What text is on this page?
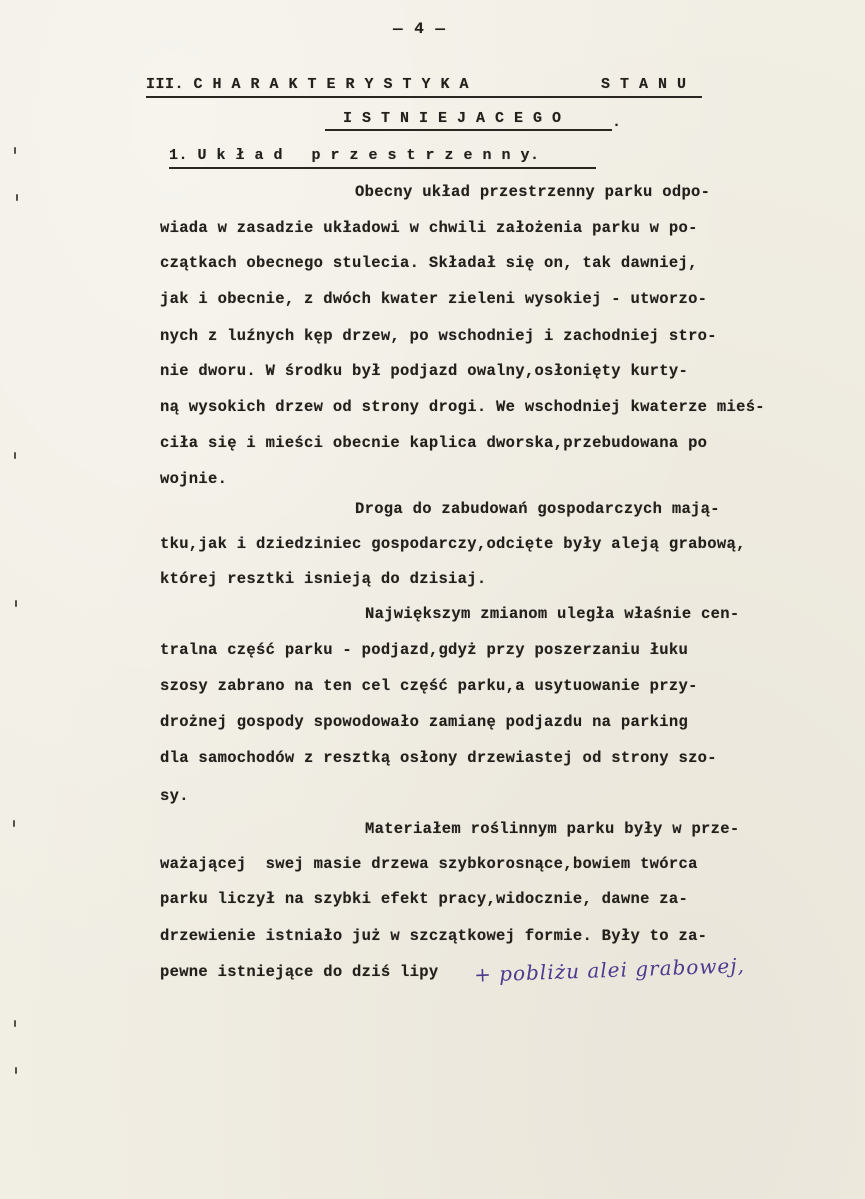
— 4 —
III. C H A R A K T E R Y S T Y K A	S T A N U
I S T N I E J A C E G O	.
1. U k ł a d   p r z e s t r z e n n y.
Obecny układ przestrzenny parku odpo-
wiada w zasadzie układowi w chwili założenia parku w po-
czątkach obecnego stulecia. Składał się on, tak dawniej,
jak i obecnie, z dwóch kwater zieleni wysokiej - utworzo-
nych z luźnych kęp drzew, po wschodniej i zachodniej stro-
nie dworu. W środku był podjazd owalny,osłonięty kurty-
ną wysokich drzew od strony drogi. We wschodniej kwaterze mieś-
ciła się i mieści obecnie kaplica dworska,przebudowana po
wojnie.
Droga do zabudowań gospodarczych mają-
tku,jak i dziedziniec gospodarczy,odcięte były aleją grabową,
której resztki isnieją do dzisiaj.
Największym zmianom uległa właśnie cen-
tralna część parku - podjazd,gdyż przy poszerzaniu łuku
szosy zabrano na ten cel część parku,a usytuowanie przy-
drożnej gospody spowodowało zamianę podjazdu na parking
dla samochodów z resztką osłony drzewiastej od strony szo-
sy.
Materiałem roślinnym parku były w prze-
ważającej  swej masie drzewa szybkorosnące,bowiem twórca
parku liczył na szybki efekt pracy,widocznie, dawne za-
drzewienie istniało już w szczątkowej formie. Były to za-
pewne istniejące do dziś lipy + pobliżu alei grabowej,
